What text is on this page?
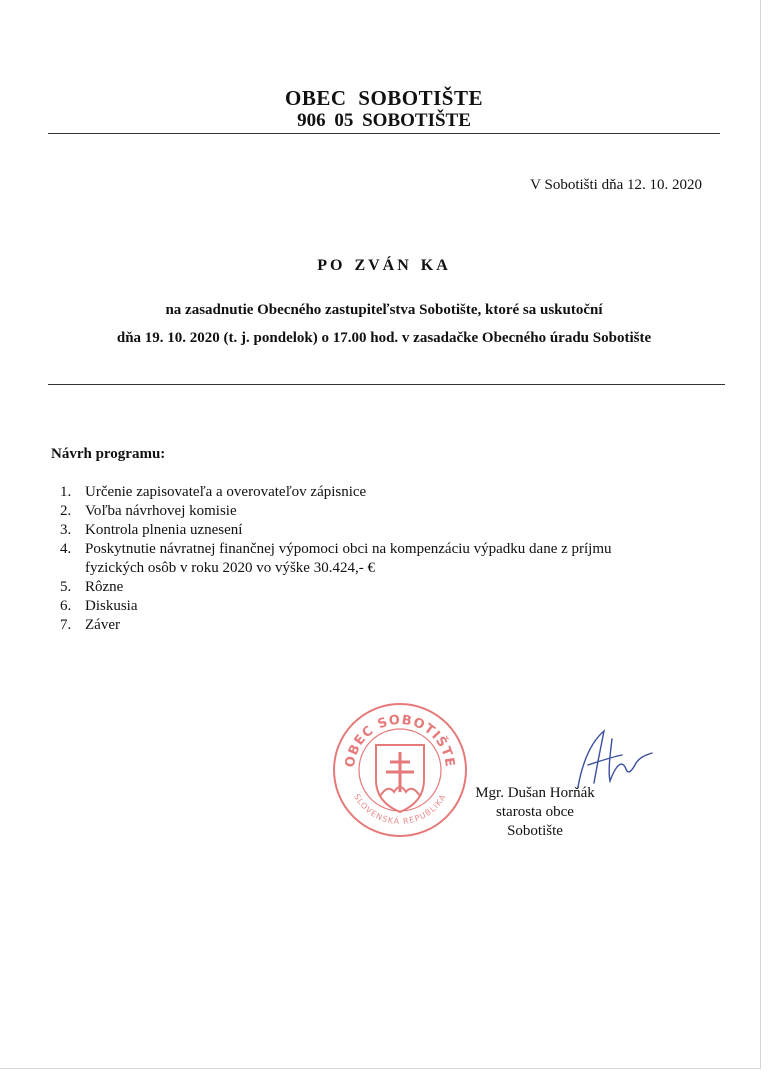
OBEC SOBOTIŠTE
906 05 SOBOTIŠTE
V Sobotišti dňa 12. 10. 2020
PO ZVÁN KA
na zasadnutie Obecného zastupiteľstva Sobotište, ktoré sa uskutoční
dňa 19. 10. 2020 (t. j. pondelok) o 17.00 hod. v zasadačke Obecného úradu Sobotište
Návrh programu:
1. Určenie zapisovateľa a overovateľov zápisnice
2. Voľba návrhovej komisie
3. Kontrola plnenia uznesení
4. Poskytnutie návratnej finančnej výpomoci obci na kompenzáciu výpadku dane z príjmu
fyzických osôb v roku 2020 vo výške 30.424,- €
5. Rôzne
6. Diskusia
7. Záver
OBEC SOBOTIŠTE
SLOVENSKÁ REPUBLIKA	Mgr. Dušan Horňák
starosta obce
Sobotište
